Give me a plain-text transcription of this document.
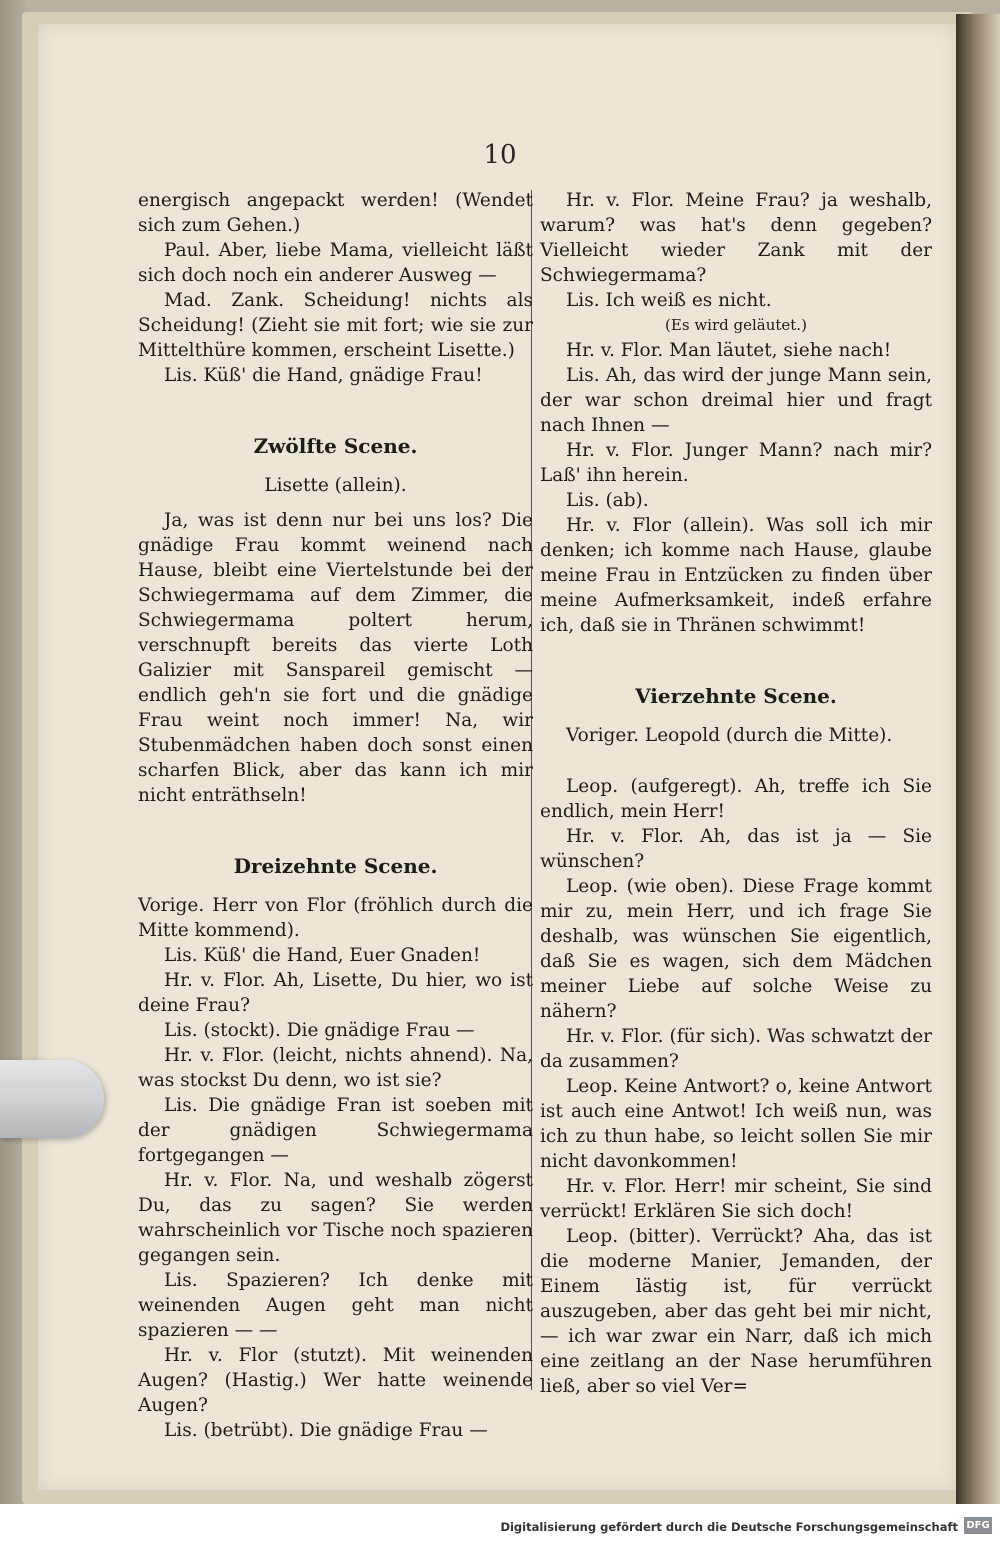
10

energisch angepackt werden! (Wendet sich zum Gehen.)

Paul. Aber, liebe Mama, vielleicht läßt sich doch noch ein anderer Ausweg —

Mad. Zank. Scheidung! nichts als Scheidung! (Zieht sie mit fort; wie sie zur Mittelthüre kommen, erscheint Lisette.)

Lis. Küß' die Hand, gnädige Frau!

Zwölfte Scene.
Lisette (allein).

Ja, was ist denn nur bei uns los? Die gnädige Frau kommt weinend nach Hause, bleibt eine Viertelstunde bei der Schwiegermama auf dem Zimmer, die Schwiegermama poltert herum, verschnupft bereits das vierte Loth Galizier mit Sanspareil gemischt — endlich geh'n sie fort und die gnädige Frau weint noch immer! Na, wir Stubenmädchen haben doch sonst einen scharfen Blick, aber das kann ich mir nicht enträthseln!

Dreizehnte Scene.

Vorige. Herr von Flor (fröhlich durch die Mitte kommend).

Lis. Küß' die Hand, Euer Gnaden!

Hr. v. Flor. Ah, Lisette, Du hier, wo ist deine Frau?

Lis. (stockt). Die gnädige Frau —

Hr. v. Flor. (leicht, nichts ahnend). Na, was stockst Du denn, wo ist sie?

Lis. Die gnädige Fran ist soeben mit der gnädigen Schwiegermama fortgegangen —

Hr. v. Flor. Na, und weshalb zögerst Du, das zu sagen? Sie werden wahrscheinlich vor Tische noch spazieren gegangen sein.

Lis. Spazieren? Ich denke mit weinenden Augen geht man nicht spazieren — —

Hr. v. Flor (stutzt). Mit weinenden Augen? (Hastig.) Wer hatte weinende Augen?

Lis. (betrübt). Die gnädige Frau —

Hr. v. Flor. Meine Frau? ja weshalb, warum? was hat's denn gegeben? Vielleicht wieder Zank mit der Schwiegermama?

Lis. Ich weiß es nicht.

(Es wird geläutet.)

Hr. v. Flor. Man läutet, siehe nach!

Lis. Ah, das wird der junge Mann sein, der war schon dreimal hier und fragt nach Ihnen —

Hr. v. Flor. Junger Mann? nach mir? Laß' ihn herein.

Lis. (ab).

Hr. v. Flor (allein). Was soll ich mir denken; ich komme nach Hause, glaube meine Frau in Entzücken zu finden über meine Aufmerksamkeit, indeß erfahre ich, daß sie in Thränen schwimmt!

Vierzehnte Scene.

Voriger. Leopold (durch die Mitte).

Leop. (aufgeregt). Ah, treffe ich Sie endlich, mein Herr!

Hr. v. Flor. Ah, das ist ja — Sie wünschen?

Leop. (wie oben). Diese Frage kommt mir zu, mein Herr, und ich frage Sie deshalb, was wünschen Sie eigentlich, daß Sie es wagen, sich dem Mädchen meiner Liebe auf solche Weise zu nähern?

Hr. v. Flor. (für sich). Was schwatzt der da zusammen?

Leop. Keine Antwort? o, keine Antwort ist auch eine Antwot! Ich weiß nun, was ich zu thun habe, so leicht sollen Sie mir nicht davonkommen!

Hr. v. Flor. Herr! mir scheint, Sie sind verrückt! Erklären Sie sich doch!

Leop. (bitter). Verrückt? Aha, das ist die moderne Manier, Jemanden, der Einem lästig ist, für verrückt auszugeben, aber das geht bei mir nicht, — ich war zwar ein Narr, daß ich mich eine zeitlang an der Nase herumführen ließ, aber so viel Ver=

Digitalisierung gefördert durch die Deutsche Forschungsgemeinschaft DFG
